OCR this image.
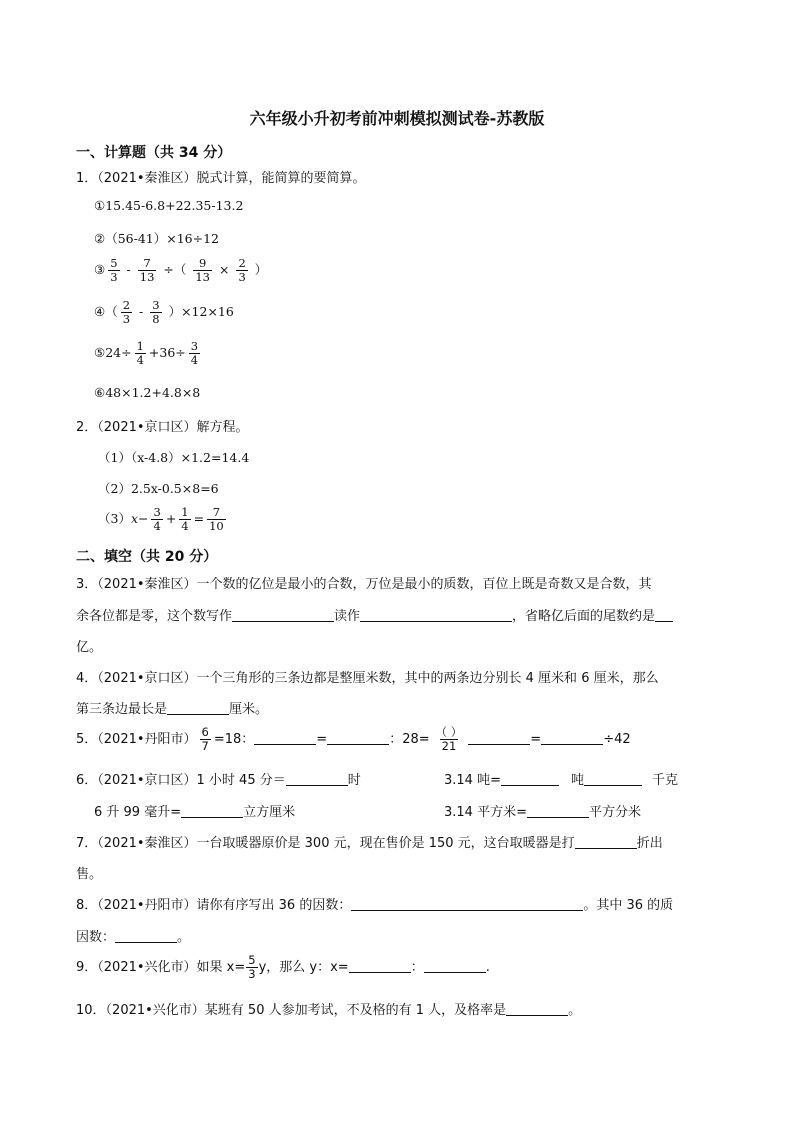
六年级小升初考前冲刺模拟测试卷-苏教版
一、计算题（共 34 分）
1．（2021•秦淮区）脱式计算，能简算的要简算。
①15.45-6.8+22.35-13.2
②（56-41）×16÷12
③ $\frac{5}{3} - \frac{7}{13}$ ÷（ $\frac{9}{13} \times \frac{2}{3}$ ）
④（ $\frac{2}{3} - \frac{3}{8} )\times 12\times 16$
⑤24÷ $\frac{1}{4} +36\div \frac{3}{4}$
⑥48×1.2+4.8×8
2．（2021•京口区）解方程。
（1）（x-4.8）×1.2=14.4
（2）2.5x-0.5×8=6
$(3)x- \frac{3}{4} + \frac{1}{4} = \frac{7}{10}$
二、填空（共 20 分）
3．（2021•秦淮区）一个数的亿位是最小的合数，万位是最小的质数，百位上既是奇数又是合数，其
余各位都是零，这个数写作	读作	，省略亿后面的尾数约是
亿。
4．（2021•京口区）一个三角形的三条边都是整厘米数，其中的两条边分别长 4 厘米和 6 厘米，那么
第三条边最长是	厘米。
5．（2021•丹阳市） $\frac{6}{7} =18$：	=	：$28= \frac{( )}{21}$	=	÷42
6．（2021•京口区）1 小时 45 分＝	时	3.14 吨=	吨	千克
6 升 99 毫升=	立方厘米	3.14 平方米=	平方分米
7．（2021•秦淮区）一台取暖器原价是 300 元，现在售价是 150 元，这台取暖器是打	折出
售。
8．（2021•丹阳市）请你有序写出 36 的因数：	。其中 36 的质
因数：	。
9．（2021•兴化市）如果 $x= \frac{5}{3}$ y，那么 y：x=	：	.
10．（2021•兴化市）某班有 50 人参加考试，不及格的有 1 人，及格率是	。
